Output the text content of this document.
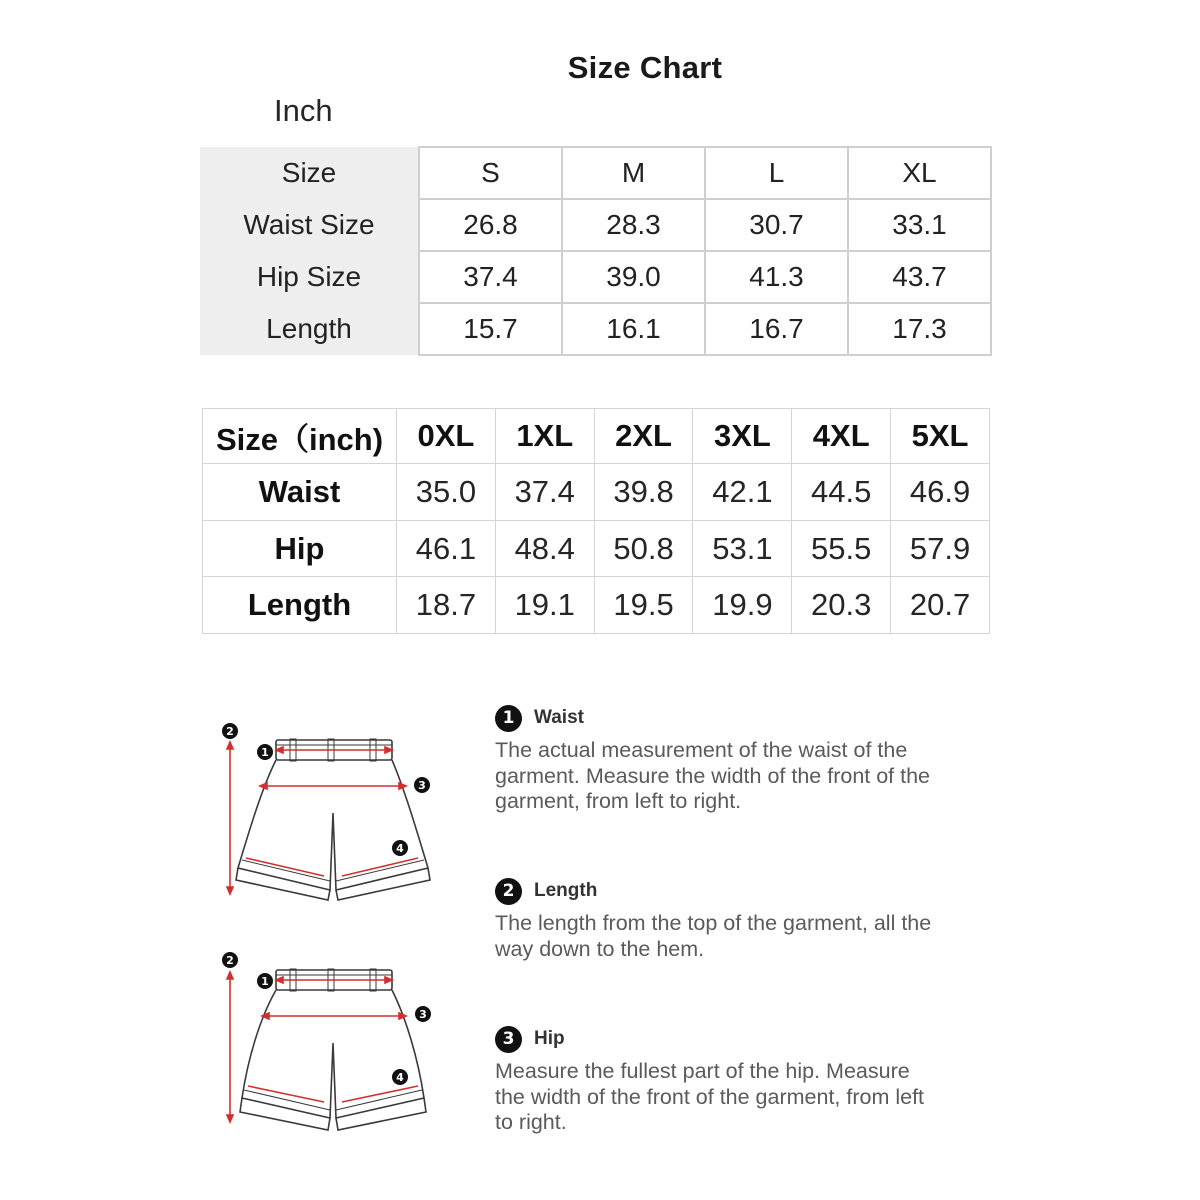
Size Chart
Inch
Size	S	M	L	XL
Waist Size	26.8	28.3	30.7	33.1
Hip Size	37.4	39.0	41.3	43.7
Length	15.7	16.1	16.7	17.3
Size（inch)	0XL	1XL	2XL	3XL	4XL	5XL
Waist	35.0	37.4	39.8	42.1	44.5	46.9
Hip	46.1	48.4	50.8	53.1	55.5	57.9
Length	18.7	19.1	19.5	19.9	20.3	20.7
2
1
3
4
2
1
3
4
1	Waist
The actual measurement of the waist of the garment. Measure the width of the front of the garment, from left to right.
2	Length
The length from the top of the garment, all the way down to the hem.
3	Hip
Measure the fullest part of the hip. Measure the width of the front of the garment, from left to right.
